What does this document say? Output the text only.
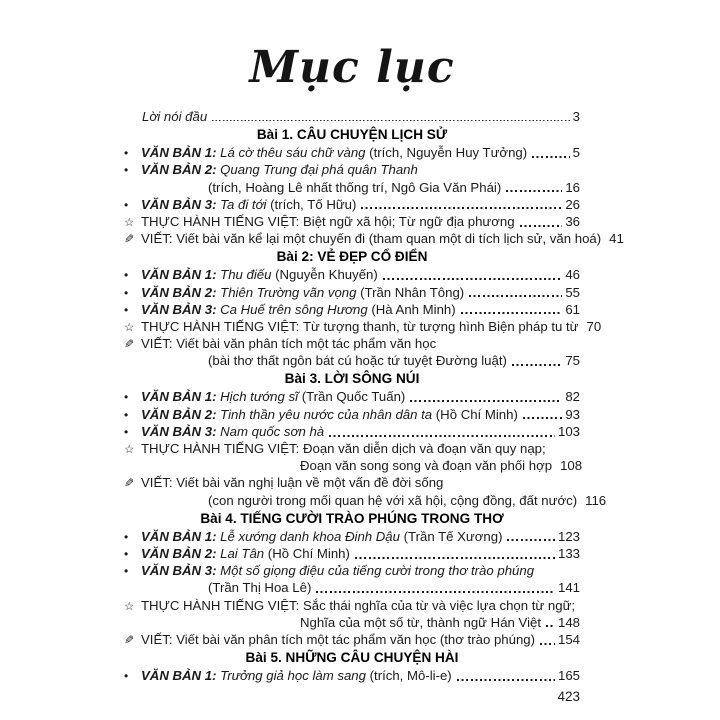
Mục lục
Lời nói đầu	3
Bài 1. CÂU CHUYỆN LỊCH SỬ
• VĂN BẢN 1: Lá cờ thêu sáu chữ vàng (trích, Nguyễn Huy Tưởng)	5
• VĂN BẢN 2: Quang Trung đại phá quân Thanh
(trích, Hoàng Lê nhất thống trí, Ngô Gia Văn Phái)	16
• VĂN BẢN 3: Ta đi tới (trích, Tố Hữu)	26
☆ THỰC HÀNH TIẾNG VIỆT: Biệt ngữ xã hội; Từ ngữ địa phương	36
✎ VIẾT: Viết bài văn kể lại một chuyến đi (tham quan một di tích lịch sử, văn hoá) 41
Bài 2: VẺ ĐẸP CỔ ĐIỂN
• VĂN BẢN 1: Thu điếu (Nguyễn Khuyến)	46
• VĂN BẢN 2: Thiên Trường vãn vọng (Trần Nhân Tông)	55
• VĂN BẢN 3: Ca Huế trên sông Hương (Hà Anh Minh)	61
☆ THỰC HÀNH TIẾNG VIỆT: Từ tượng thanh, từ tượng hình Biện pháp tu từ 70
✎ VIẾT: Viết bài văn phân tích một tác phẩm văn học
(bài thơ thất ngôn bát cú hoặc tứ tuyệt Đường luật)	75
Bài 3. LỜI SÔNG NÚI
• VĂN BẢN 1: Hịch tướng sĩ (Trần Quốc Tuấn)	82
• VĂN BẢN 2: Tinh thần yêu nước của nhân dân ta (Hồ Chí Minh)	93
• VĂN BẢN 3: Nam quốc sơn hà	103
☆ THỰC HÀNH TIẾNG VIỆT: Đoạn văn diễn dịch và đoạn văn quy nạp;
Đoạn văn song song và đoạn văn phối hợp 108
✎ VIẾT: Viết bài văn nghị luận về một vấn đề đời sống
(con người trong mối quan hệ với xã hội, cộng đồng, đất nước) 116
Bài 4. TIẾNG CƯỜI TRÀO PHÚNG TRONG THƠ
• VĂN BẢN 1: Lễ xướng danh khoa Đinh Dậu (Trần Tế Xương)	123
• VĂN BẢN 2: Lai Tân (Hồ Chí Minh)	133
• VĂN BẢN 3: Một số giọng điệu của tiếng cười trong thơ trào phúng
(Trần Thị Hoa Lê)	141
☆ THỰC HÀNH TIẾNG VIỆT: Sắc thái nghĩa của từ và việc lựa chọn từ ngữ;
Nghĩa của một số từ, thành ngữ Hán Việt 148
✎ VIẾT: Viết bài văn phân tích một tác phẩm văn học (thơ trào phúng) 154
Bài 5. NHỮNG CÂU CHUYỆN HÀI
• VĂN BẢN 1: Trưởng giả học làm sang (trích, Mô-li-e)	165
423
